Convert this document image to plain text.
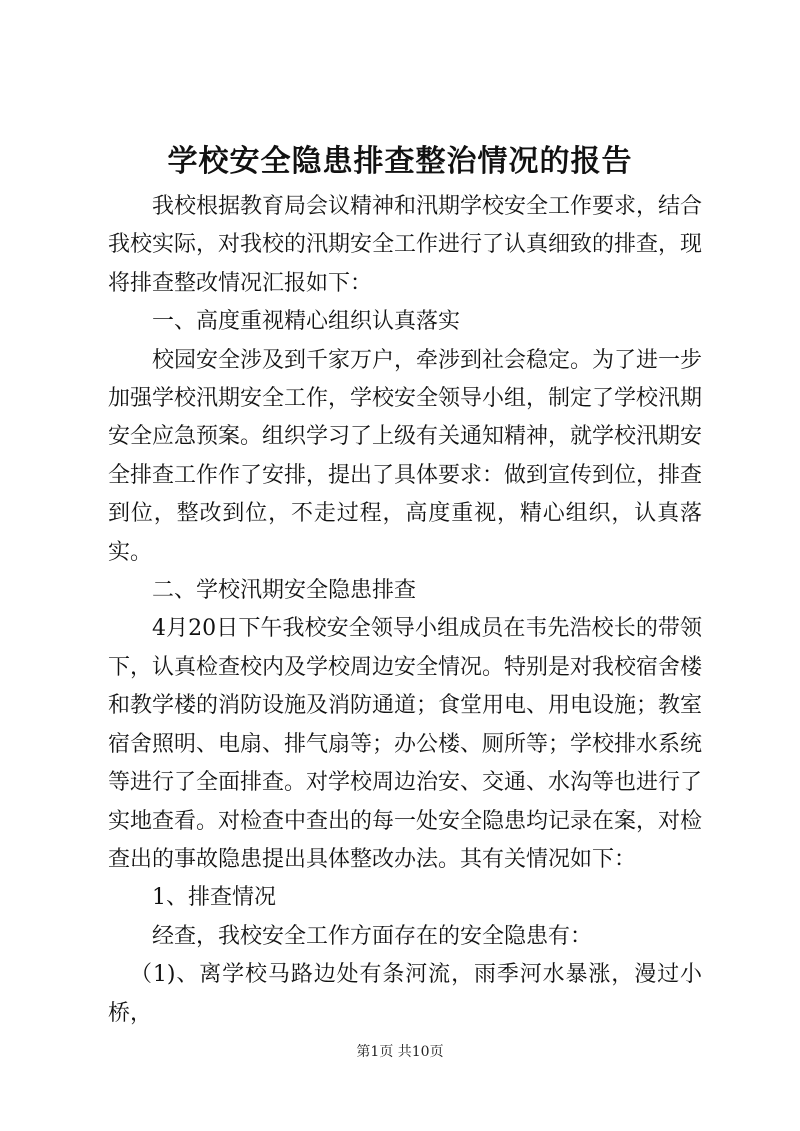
学校安全隐患排查整治情况的报告

我校根据教育局会议精神和汛期学校安全工作要求，结合我校实际，对我校的汛期安全工作进行了认真细致的排查，现将排查整改情况汇报如下：

一、高度重视精心组织认真落实

校园安全涉及到千家万户，牵涉到社会稳定。为了进一步加强学校汛期安全工作，学校安全领导小组，制定了学校汛期安全应急预案。组织学习了上级有关通知精神，就学校汛期安全排查工作作了安排，提出了具体要求：做到宣传到位，排查到位，整改到位，不走过程，高度重视，精心组织，认真落实。

二、学校汛期安全隐患排查

4月20日下午我校安全领导小组成员在韦先浩校长的带领下，认真检查校内及学校周边安全情况。特别是对我校宿舍楼和教学楼的消防设施及消防通道；食堂用电、用电设施；教室宿舍照明、电扇、排气扇等；办公楼、厕所等；学校排水系统等进行了全面排查。对学校周边治安、交通、水沟等也进行了实地查看。对检查中查出的每一处安全隐患均记录在案，对检查出的事故隐患提出具体整改办法。其有关情况如下：

1、排查情况

经查，我校安全工作方面存在的安全隐患有：

（1)、离学校马路边处有条河流，雨季河水暴涨，漫过小桥，

第1页 共10页
